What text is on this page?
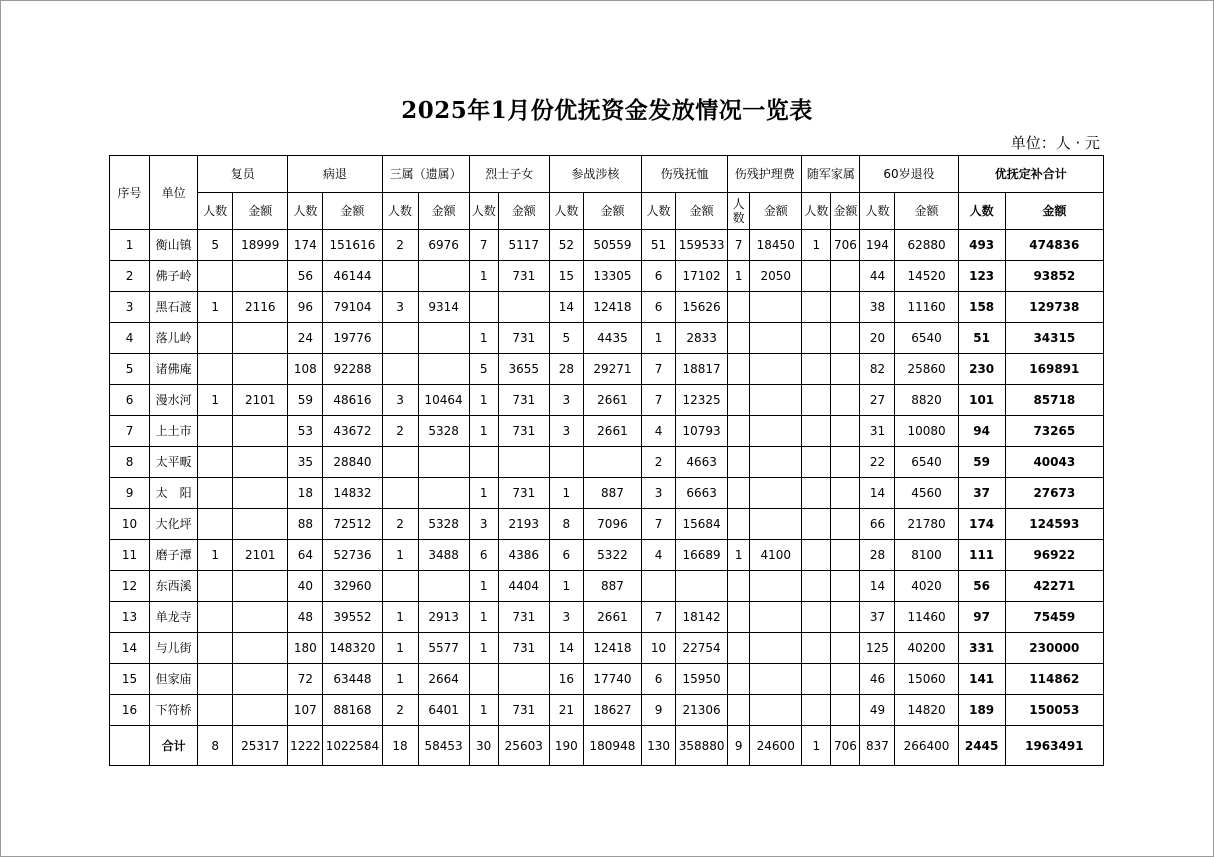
2025年1月份优抚资金发放情况一览表
单位：人 · 元
序号	单位	复员		病退		三属（遗属）		烈士子女		参战涉核		伤残抚恤		伤残护理费		随军家属		60岁退役		优抚定补合计	
		人数	金额	人数	金额	人数	金额	人数	金额	人数	金额	人数	金额	人数	金额	人数	金额	人数	金额	人数	金额
1	衡山镇	5	18999	174	151616	2	6976	7	5117	52	50559	51	159533	7	18450	1	706	194	62880	493	474836
2	佛子岭			56	46144			1	731	15	13305	6	17102	1	2050			44	14520	123	93852
3	黑石渡	1	2116	96	79104	3	9314			14	12418	6	15626					38	11160	158	129738
4	落儿岭			24	19776			1	731	5	4435	1	2833					20	6540	51	34315
5	诸佛庵			108	92288			5	3655	28	29271	7	18817					82	25860	230	169891
6	漫水河	1	2101	59	48616	3	10464	1	731	3	2661	7	12325					27	8820	101	85718
7	上土市			53	43672	2	5328	1	731	3	2661	4	10793					31	10080	94	73265
8	太平畈			35	28840							2	4663					22	6540	59	40043
9	太　阳			18	14832			1	731	1	887	3	6663					14	4560	37	27673
10	大化坪			88	72512	2	5328	3	2193	8	7096	7	15684					66	21780	174	124593
11	磨子潭	1	2101	64	52736	1	3488	6	4386	6	5322	4	16689	1	4100			28	8100	111	96922
12	东西溪			40	32960			1	4404	1	887							14	4020	56	42271
13	单龙寺			48	39552	1	2913	1	731	3	2661	7	18142					37	11460	97	75459
14	与儿街			180	148320	1	5577	1	731	14	12418	10	22754					125	40200	331	230000
15	但家庙			72	63448	1	2664			16	17740	6	15950					46	15060	141	114862
16	下符桥			107	88168	2	6401	1	731	21	18627	9	21306					49	14820	189	150053
	合计	8	25317	1222	1022584	18	58453	30	25603	190	180948	130	358880	9	24600	1	706	837	266400	2445	1963491
